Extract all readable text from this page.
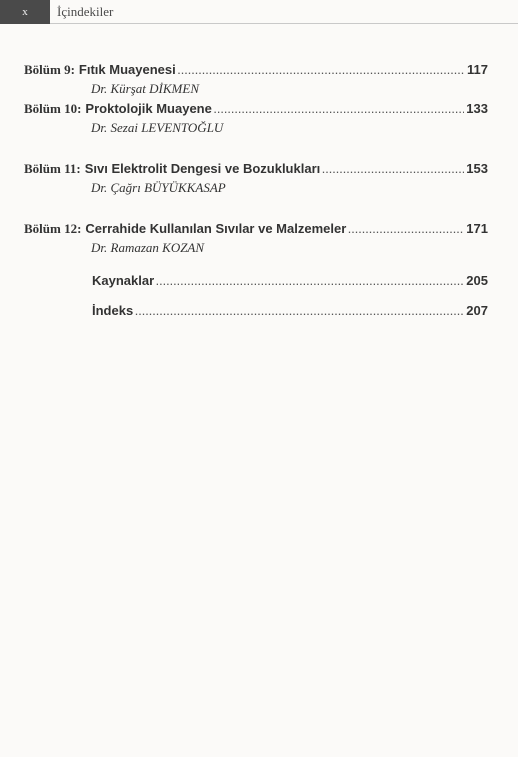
x	İçindekiler
Bölüm 9: Fıtık Muayenesi .....	117
Dr. Kürşat DİKMEN
Bölüm 10: Proktolojik Muayene .....	133
Dr. Sezai LEVENTOĞLU
Bölüm 11: Sıvı Elektrolit Dengesi ve Bozuklukları .....	153
Dr. Çağrı BÜYÜKKASAP
Bölüm 12: Cerrahide Kullanılan Sıvılar ve Malzemeler .....	171
Dr. Ramazan KOZAN
Kaynaklar .....	205
İndeks .....	207
